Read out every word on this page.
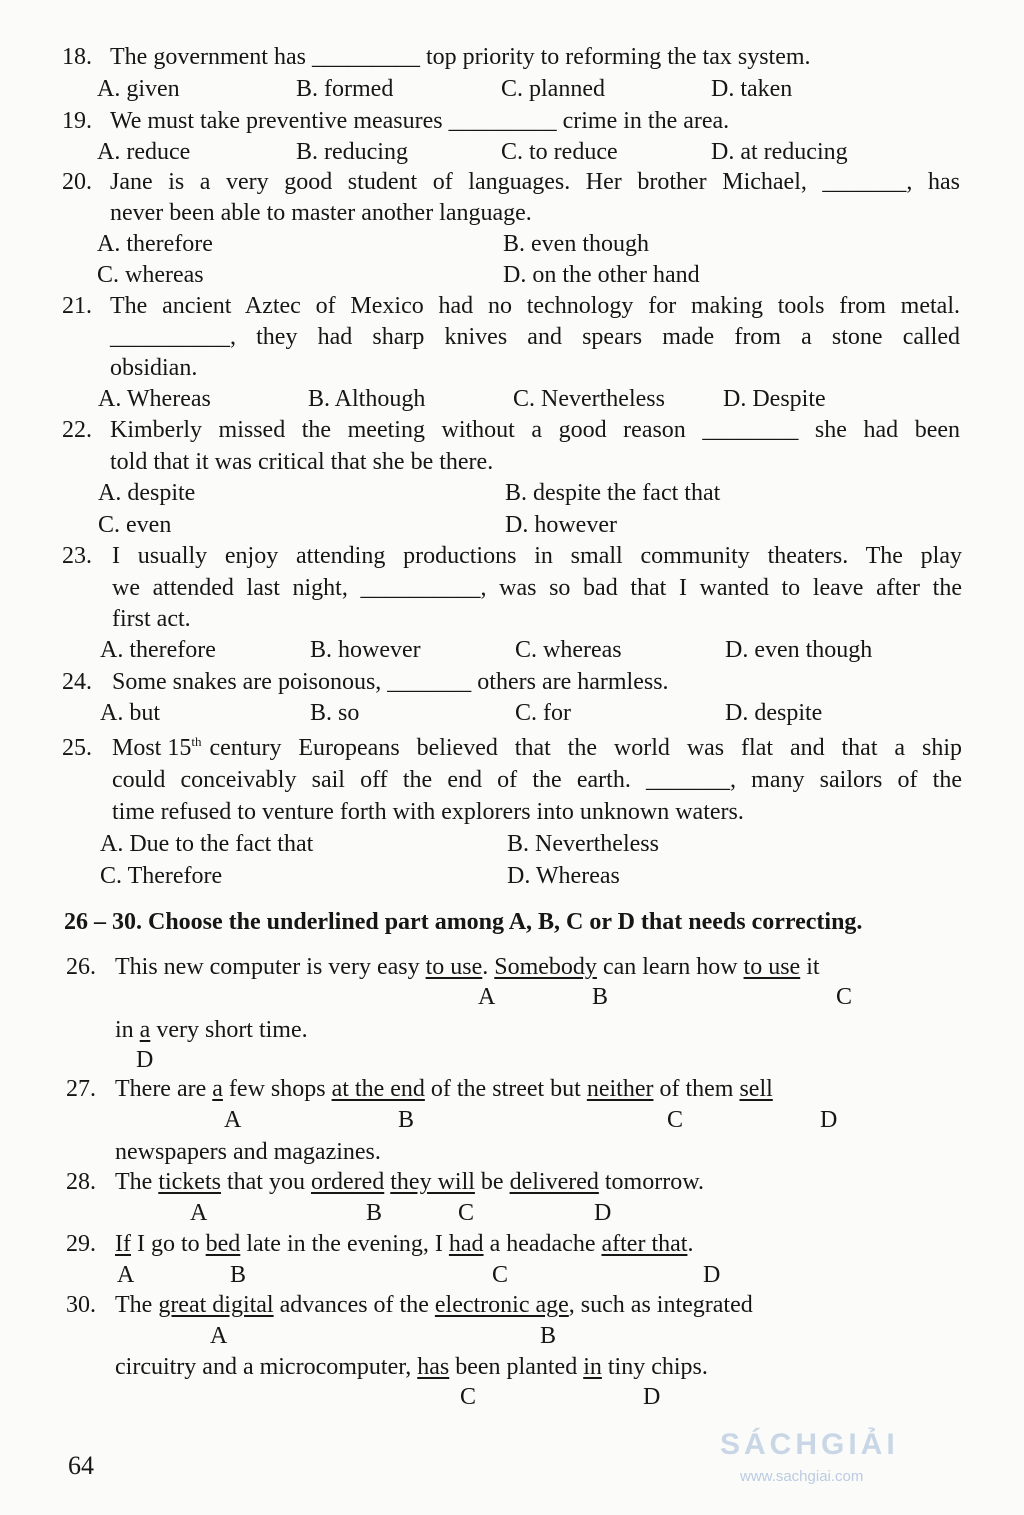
SÁCHGIẢI
www.sachgiai.com
18. The government has _________ top priority to reforming the tax system.
A. given	B. formed	C. planned	D. taken
19. We must take preventive measures _________ crime in the area.
A. reduce	B. reducing	C. to reduce	D. at reducing
20. Jane is a very good student of languages. Her brother Michael, _______, has
never been able to master another language.
A. therefore	B. even though
C. whereas	D. on the other hand
21. The ancient Aztec of Mexico had no technology for making tools from metal.
__________, they had sharp knives and spears made from a stone called
obsidian.
A. Whereas	B. Although	C. Nevertheless D. Despite
22. Kimberly missed the meeting without a good reason ________ she had been
told that it was critical that she be there.
A. despite	B. despite the fact that
C. even	D. however
23. I usually enjoy attending productions in small community theaters. The play
we attended last night, __________, was so bad that I wanted to leave after the
first act.
A. therefore	B. however	C. whereas	D. even though
24. Some snakes are poisonous, _______ others are harmless.
A. but	B. so	C. for	D. despite
25. Most 15th century Europeans believed that the world was flat and that a ship
could conceivably sail off the end of the earth. _______, many sailors of the
time refused to venture forth with explorers into unknown waters.
A. Due to the fact that	B. Nevertheless
C. Therefore	D. Whereas
26 – 30. Choose the underlined part among A, B, C or D that needs correcting.
26. This new computer is very easy to use. Somebody can learn how to use it
A	B	C
in a very short time.
D
27. There are a few shops at the end of the street but neither of them sell
A	B	C	D
newspapers and magazines.
28. The tickets that you ordered they will be delivered tomorrow.
A	B	C	D
29. If I go to bed late in the evening, I had a headache after that.
A	B	C	D
30. The great digital advances of the electronic age, such as integrated
A	B
circuitry and a microcomputer, has been planted in tiny chips.
C	D
64
